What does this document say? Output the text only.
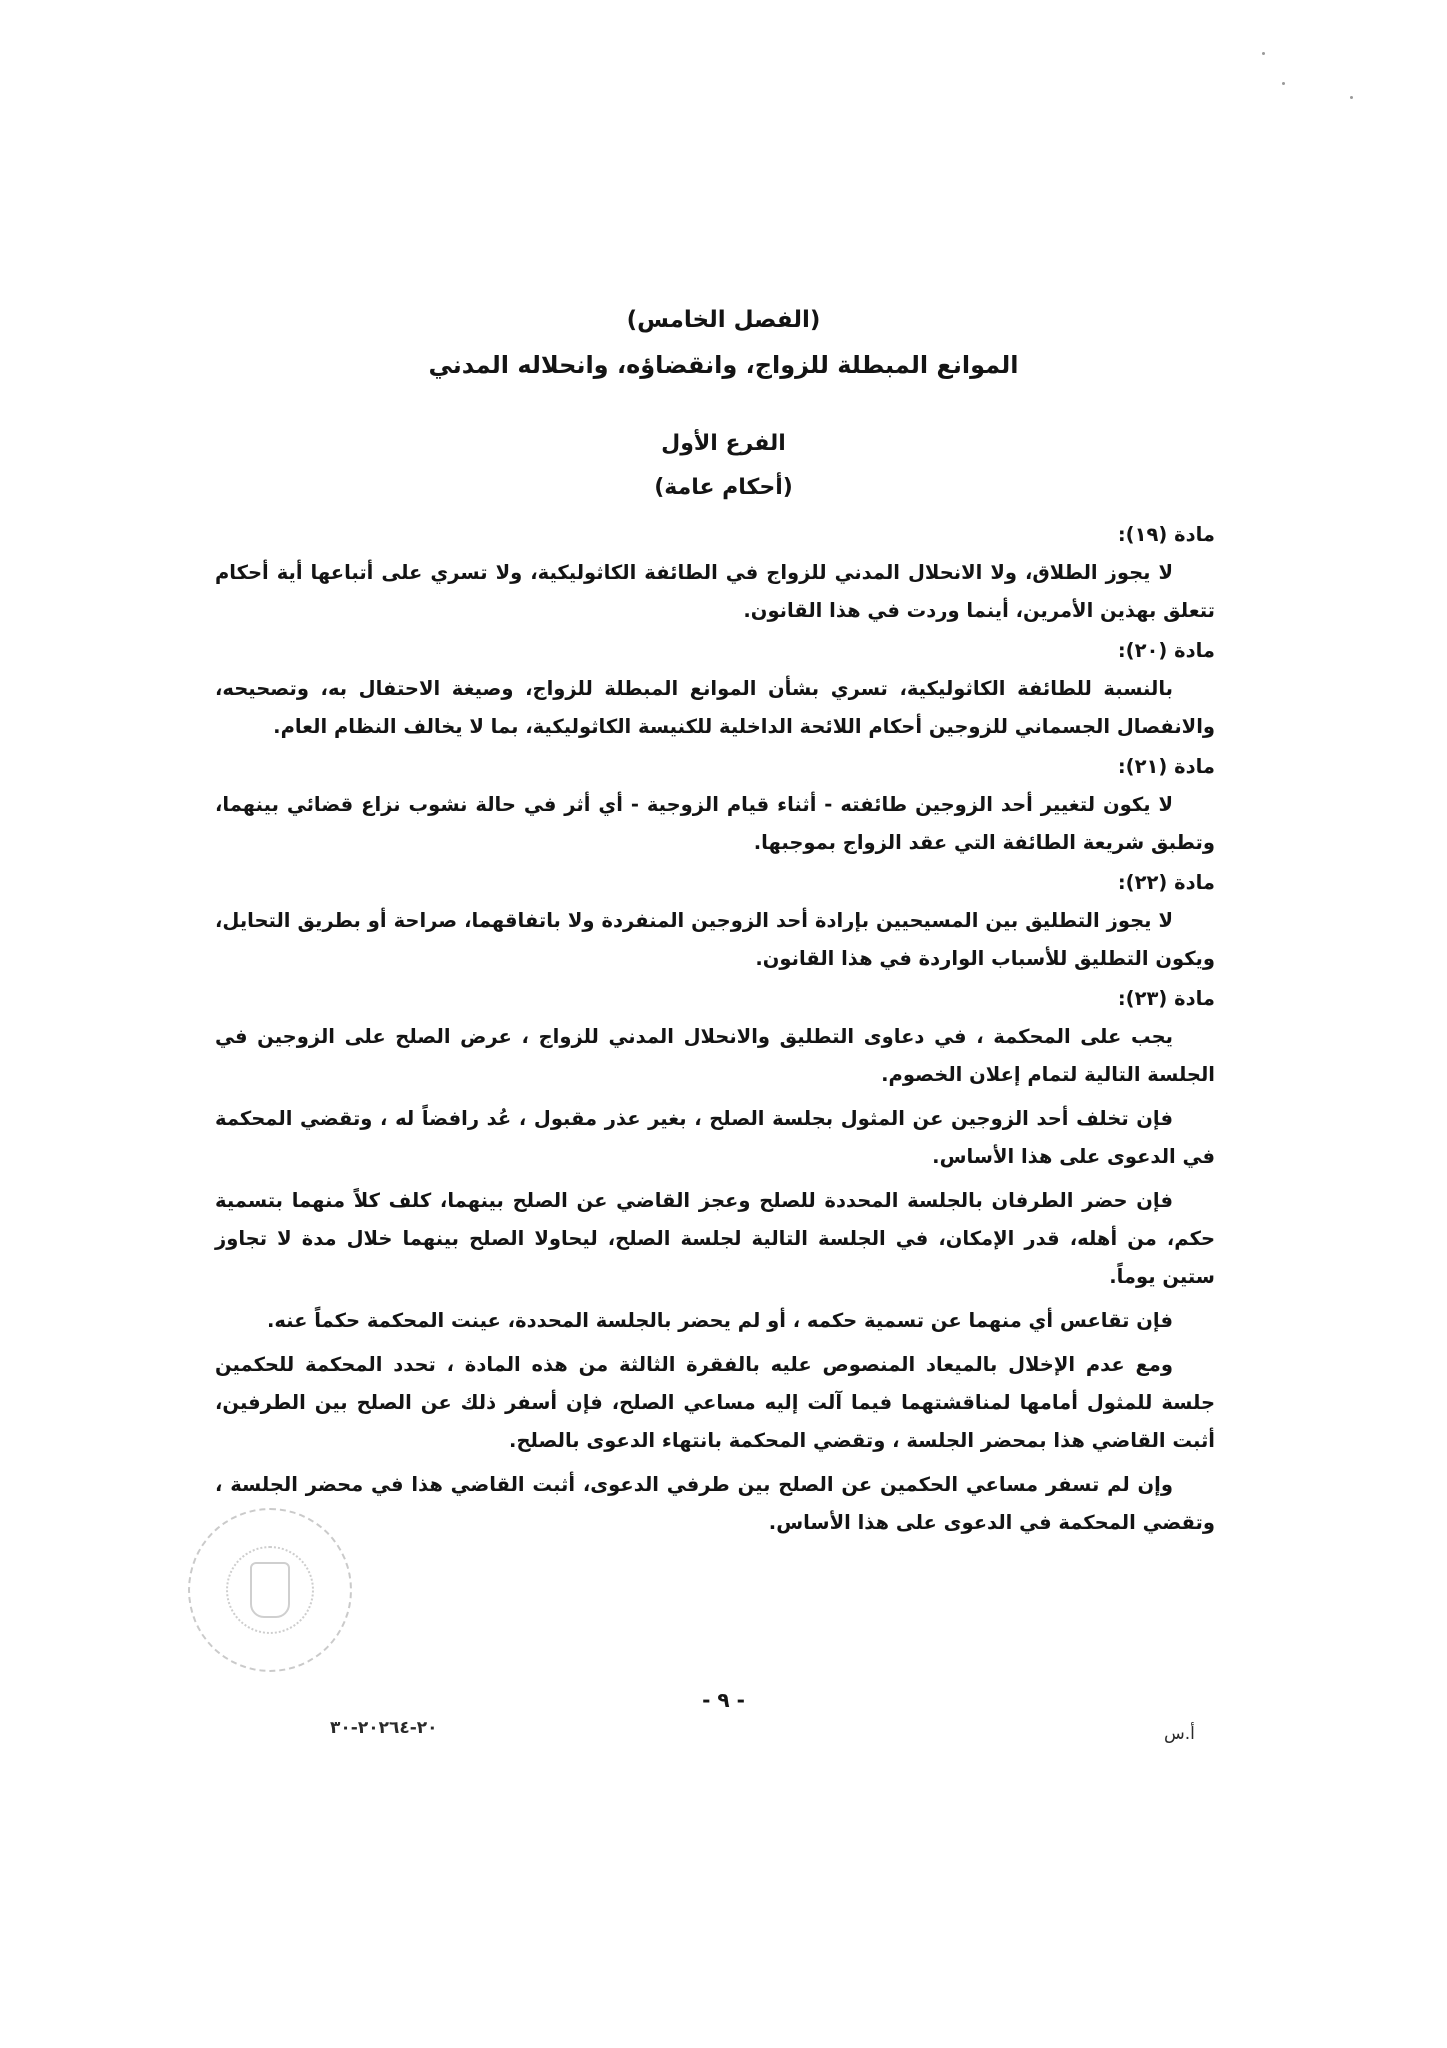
(الفصل الخامس)
الموانع المبطلة للزواج، وانقضاؤه، وانحلاله المدني
الفرع الأول
(أحكام عامة)

مادة (١٩):

لا يجوز الطلاق، ولا الانحلال المدني للزواج في الطائفة الكاثوليكية، ولا تسري على أتباعها أية أحكام تتعلق بهذين الأمرين، أينما وردت في هذا القانون.

مادة (٢٠):

بالنسبة للطائفة الكاثوليكية، تسري بشأن الموانع المبطلة للزواج، وصيغة الاحتفال به، وتصحيحه، والانفصال الجسماني للزوجين أحكام اللائحة الداخلية للكنيسة الكاثوليكية، بما لا يخالف النظام العام.

مادة (٢١):

لا يكون لتغيير أحد الزوجين طائفته - أثناء قيام الزوجية - أي أثر في حالة نشوب نزاع قضائي بينهما، وتطبق شريعة الطائفة التي عقد الزواج بموجبها.

مادة (٢٢):

لا يجوز التطليق بين المسيحيين بإرادة أحد الزوجين المنفردة ولا باتفاقهما، صراحة أو بطريق التحايل، ويكون التطليق للأسباب الواردة في هذا القانون.

مادة (٢٣):

يجب على المحكمة ، في دعاوى التطليق والانحلال المدني للزواج ، عرض الصلح على الزوجين في الجلسة التالية لتمام إعلان الخصوم.

فإن تخلف أحد الزوجين عن المثول بجلسة الصلح ، بغير عذر مقبول ، عُد رافضاً له ، وتقضي المحكمة في الدعوى على هذا الأساس.

فإن حضر الطرفان بالجلسة المحددة للصلح وعجز القاضي عن الصلح بينهما، كلف كلاً منهما بتسمية حكم، من أهله، قدر الإمكان، في الجلسة التالية لجلسة الصلح، ليحاولا الصلح بينهما خلال مدة لا تجاوز ستين يوماً.

فإن تقاعس أي منهما عن تسمية حكمه ، أو لم يحضر بالجلسة المحددة، عينت المحكمة حكماً عنه.

ومع عدم الإخلال بالميعاد المنصوص عليه بالفقرة الثالثة من هذه المادة ، تحدد المحكمة للحكمين جلسة للمثول أمامها لمناقشتهما فيما آلت إليه مساعي الصلح، فإن أسفر ذلك عن الصلح بين الطرفين، أثبت القاضي هذا بمحضر الجلسة ، وتقضي المحكمة بانتهاء الدعوى بالصلح.

وإن لم تسفر مساعي الحكمين عن الصلح بين طرفي الدعوى، أثبت القاضي هذا في محضر الجلسة ، وتقضي المحكمة في الدعوى على هذا الأساس.

- ٩ -
٢٠-٢٠٢٦٤-٣٠	أ.س
